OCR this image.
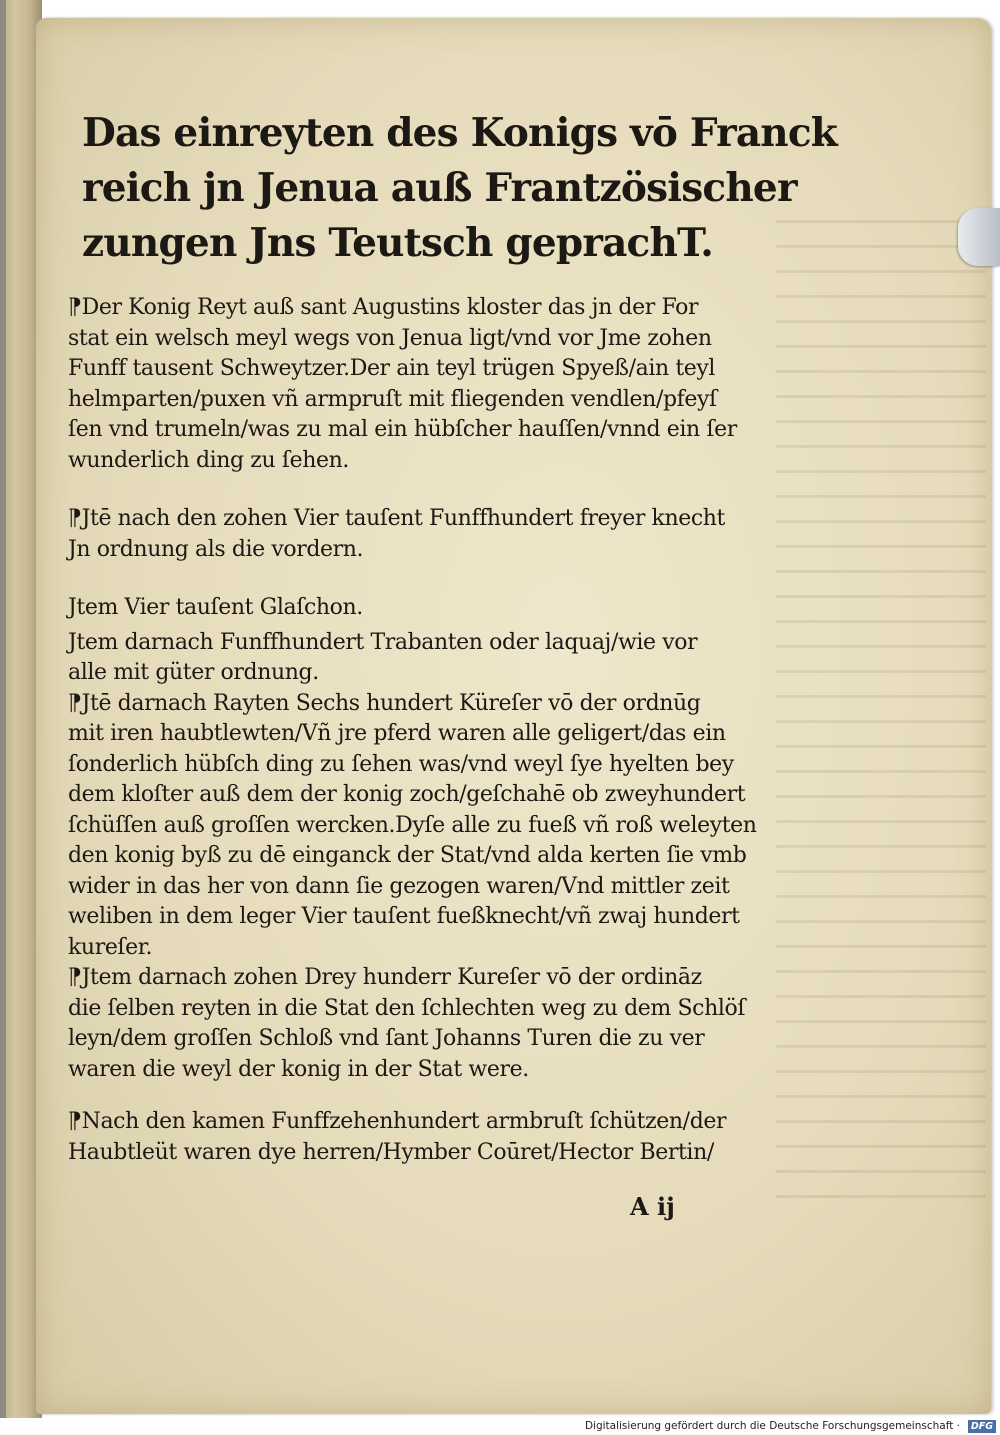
Das einreyten des Konigs vō Franck
reich jn Jenua auß Frantzösischer
zungen Jns Teutsch geprachT.
⁋Der Konig Reyt auß sant Augustins kloster das jn der For
stat ein welsch meyl wegs von Jenua ligt/vnd vor Jme zohen
Funff tausent Schweytzer.Der ain teyl trügen Spyeß/ain teyl
helmparten/puxen vñ armpruſt mit fliegenden vendlen/pfeyſ
ſen vnd trumeln/was zu mal ein hübſcher hauſſen/vnnd ein ſer
wunderlich ding zu ſehen.
⁋Jtē nach den zohen Vier tauſent Funffhundert freyer knecht
Jn ordnung als die vordern.
Jtem Vier tauſent Glaſchon.
Jtem darnach Funffhundert Trabanten oder laquaj/wie vor
alle mit güter ordnung.
⁋Jtē darnach Rayten Sechs hundert Küreſer vō der ordnūg
mit iren haubtlewten/Vñ jre pferd waren alle geligert/das ein
ſonderlich hübſch ding zu ſehen was/vnd weyl ſye hyelten bey
dem kloſter auß dem der konig zoch/geſchahē ob zweyhundert
ſchüſſen auß groſſen wercken.Dyſe alle zu fueß vñ roß weleyten
den konig byß zu dē einganck der Stat/vnd alda kerten ſie vmb
wider in das her von dann ſie gezogen waren/Vnd mittler zeit
weliben in dem leger Vier tauſent fueßknecht/vñ zwaj hundert
kureſer.
⁋Jtem darnach zohen Drey hunderr Kureſer vō der ordināz
die ſelben reyten in die Stat den ſchlechten weg zu dem Schlöſ
leyn/dem groſſen Schloß vnd ſant Johanns Turen die zu ver
waren die weyl der konig in der Stat were.
⁋Nach den kamen Funffzehenhundert armbruſt ſchützen/der
Haubtleüt waren dye herren/Hymber Coūret/Hector Bertin/
A ij
Digitalisierung gefördert durch die Deutsche Forschungsgemeinschaft ·	DFG
